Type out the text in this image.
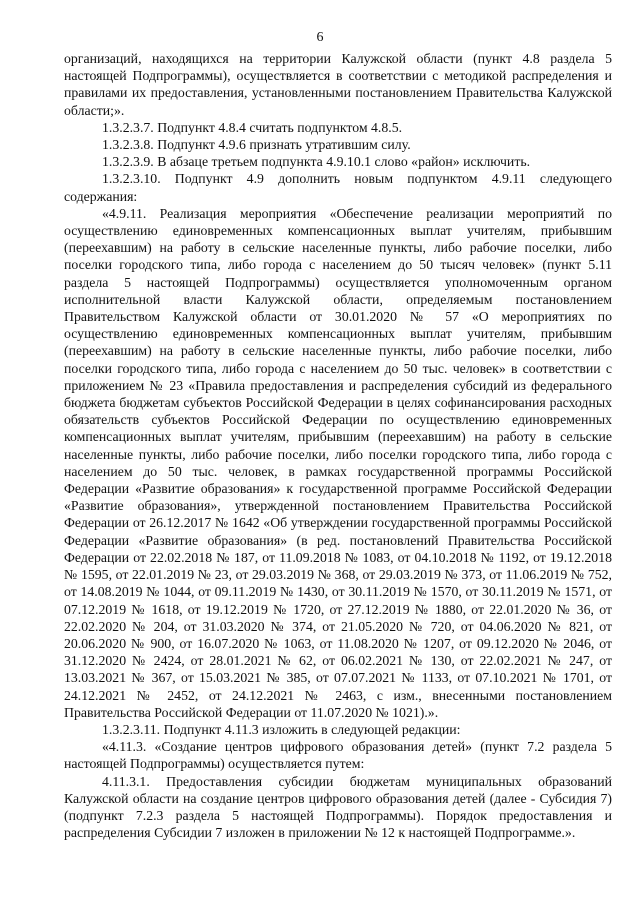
6

организаций, находящихся на территории Калужской области (пункт 4.8 раздела 5 настоящей Подпрограммы), осуществляется в соответствии с методикой распределения и правилами их предоставления, установленными постановлением Правительства Калужской области;».

1.3.2.3.7. Подпункт 4.8.4 считать подпунктом 4.8.5.

1.3.2.3.8. Подпункт 4.9.6 признать утратившим силу.

1.3.2.3.9. В абзаце третьем подпункта 4.9.10.1 слово «район» исключить.

1.3.2.3.10. Подпункт 4.9 дополнить новым подпунктом 4.9.11 следующего содержания:

«4.9.11. Реализация мероприятия «Обеспечение реализации мероприятий по осуществлению единовременных компенсационных выплат учителям, прибывшим (переехавшим) на работу в сельские населенные пункты, либо рабочие поселки, либо поселки городского типа, либо города с населением до 50 тысяч человек» (пункт 5.11 раздела 5 настоящей Подпрограммы) осуществляется уполномоченным органом исполнительной власти Калужской области, определяемым постановлением Правительством Калужской области от 30.01.2020 № 57 «О мероприятиях по осуществлению единовременных компенсационных выплат учителям, прибывшим (переехавшим) на работу в сельские населенные пункты, либо рабочие поселки, либо поселки городского типа, либо города с населением до 50 тыс. человек» в соответствии с приложением № 23 «Правила предоставления и распределения субсидий из федерального бюджета бюджетам субъектов Российской Федерации в целях софинансирования расходных обязательств субъектов Российской Федерации по осуществлению единовременных компенсационных выплат учителям, прибывшим (переехавшим) на работу в сельские населенные пункты, либо рабочие поселки, либо поселки городского типа, либо города с населением до 50 тыс. человек, в рамках государственной программы Российской Федерации «Развитие образования» к государственной программе Российской Федерации «Развитие образования», утвержденной постановлением Правительства Российской Федерации от 26.12.2017 № 1642 «Об утверждении государственной программы Российской Федерации «Развитие образования» (в ред. постановлений Правительства Российской Федерации от 22.02.2018 № 187, от 11.09.2018 № 1083, от 04.10.2018 № 1192, от 19.12.2018 № 1595, от 22.01.2019 № 23, от 29.03.2019 № 368, от 29.03.2019 № 373, от 11.06.2019 № 752, от 14.08.2019 № 1044, от 09.11.2019 № 1430, от 30.11.2019 № 1570, от 30.11.2019 № 1571, от 07.12.2019 № 1618, от 19.12.2019 № 1720, от 27.12.2019 № 1880, от 22.01.2020 № 36, от 22.02.2020 № 204, от 31.03.2020 № 374, от 21.05.2020 № 720, от 04.06.2020 № 821, от 20.06.2020 № 900, от 16.07.2020 № 1063, от 11.08.2020 № 1207, от 09.12.2020 № 2046, от 31.12.2020 № 2424, от 28.01.2021 № 62, от 06.02.2021 № 130, от 22.02.2021 № 247, от 13.03.2021 № 367, от 15.03.2021 № 385, от 07.07.2021 № 1133, от 07.10.2021 № 1701, от 24.12.2021 № 2452, от 24.12.2021 № 2463, с изм., внесенными постановлением Правительства Российской Федерации от 11.07.2020 № 1021).».

1.3.2.3.11. Подпункт 4.11.3 изложить в следующей редакции:

«4.11.3. «Создание центров цифрового образования детей» (пункт 7.2 раздела 5 настоящей Подпрограммы) осуществляется путем:

4.11.3.1. Предоставления субсидии бюджетам муниципальных образований Калужской области на создание центров цифрового образования детей (далее - Субсидия 7) (подпункт 7.2.3 раздела 5 настоящей Подпрограммы). Порядок предоставления и распределения Субсидии 7 изложен в приложении № 12 к настоящей Подпрограмме.».
